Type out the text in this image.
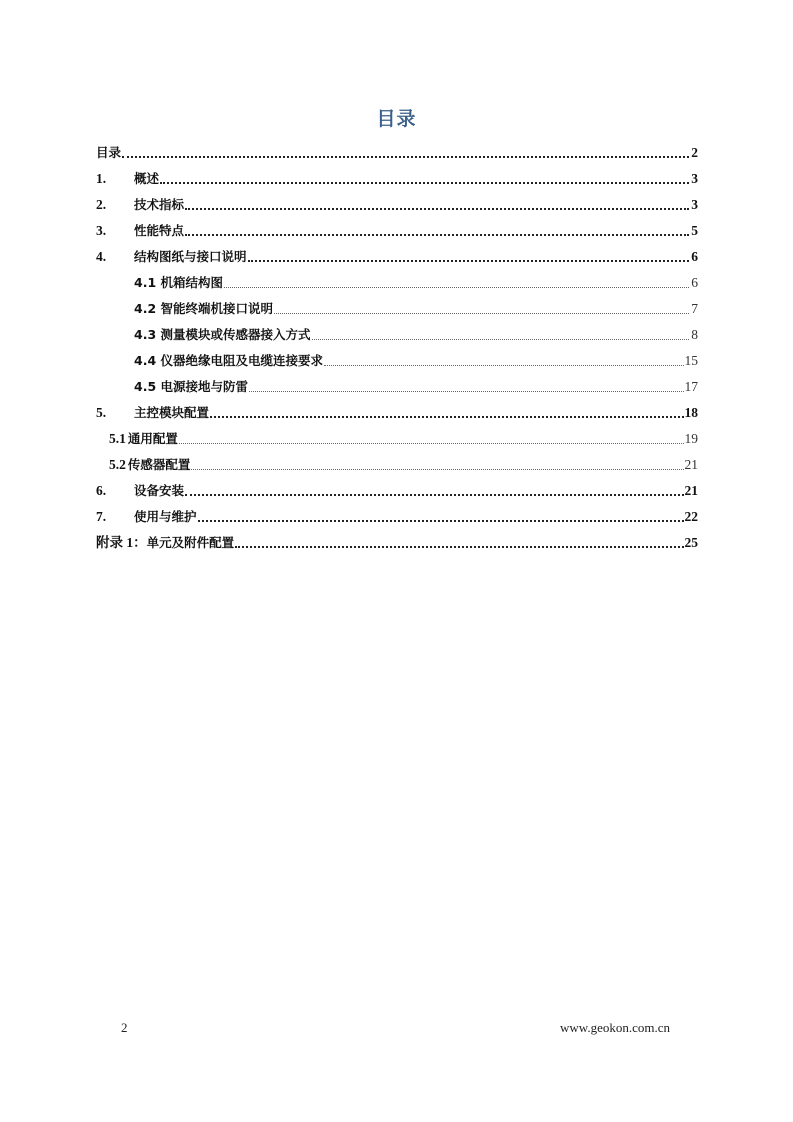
目录
目录	2
1.	概述	3
2.	技术指标	3
3.	性能特点	5
4.	结构图纸与接口说明	6
4.1 机箱结构图	6
4.2 智能终端机接口说明	7
4.3 测量模块或传感器接入方式	8
4.4 仪器绝缘电阻及电缆连接要求	15
4.5 电源接地与防雷	17
5.	主控模块配置	18
5.1 通用配置	19
5.2 传感器配置	21
6.	设备安装	21
7.	使用与维护	22
附录 1： 单元及附件配置	25
2	www.geokon.com.cn
